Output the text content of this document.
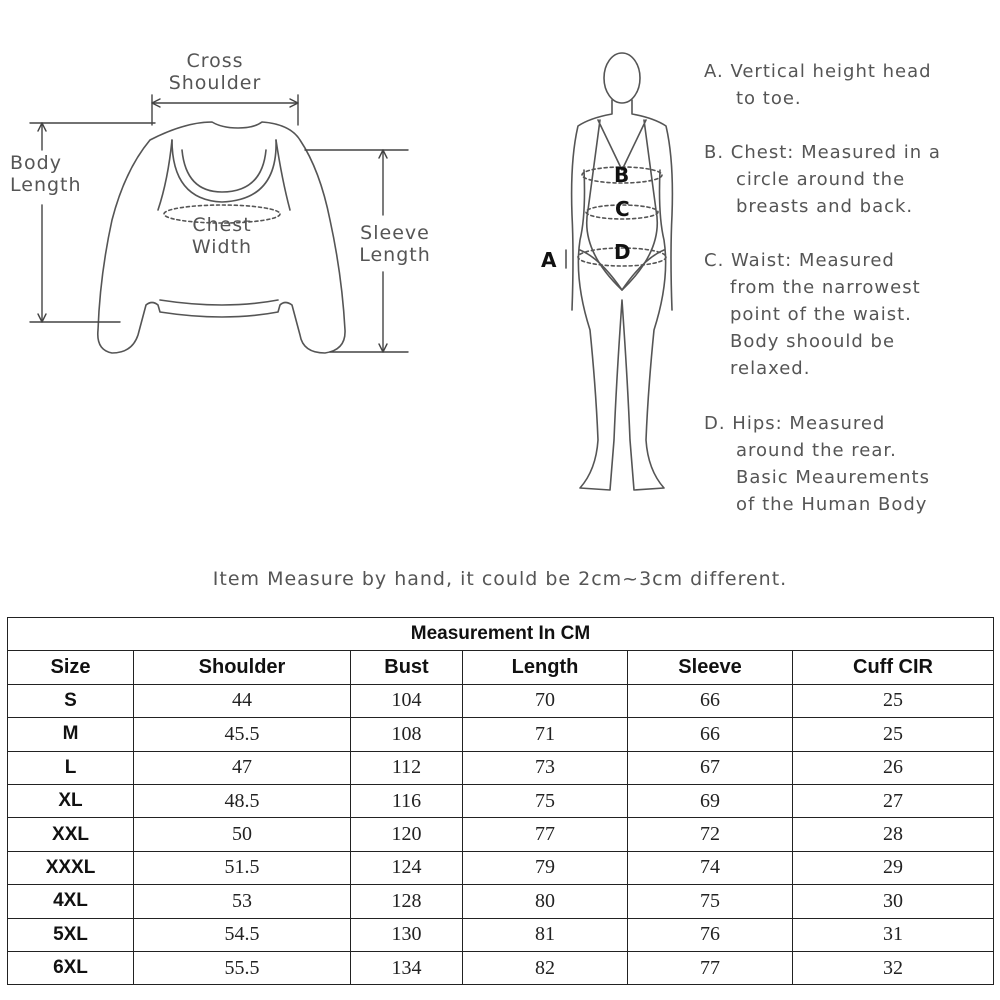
Cross
Shoulder
Body
Length
Chest
Width
Sleeve
Length	A
B
C
D
A. Vertical height head
to toe.
B. Chest: Measured in a
circle around the
breasts and back.
C. Waist: Measured
from the narrowest
point of the waist.
Body shoould be
relaxed.
D. Hips: Measured
around the rear.
Basic Meaurements
of the Human Body
Item Measure by hand, it could be 2cm~3cm different.
Measurement In CM					
Size	Shoulder	Bust	Length	Sleeve	Cuff CIR
S	44	104	70	66	25
M	45.5	108	71	66	25
L	47	112	73	67	26
XL	48.5	116	75	69	27
XXL	50	120	77	72	28
XXXL	51.5	124	79	74	29
4XL	53	128	80	75	30
5XL	54.5	130	81	76	31
6XL	55.5	134	82	77	32
